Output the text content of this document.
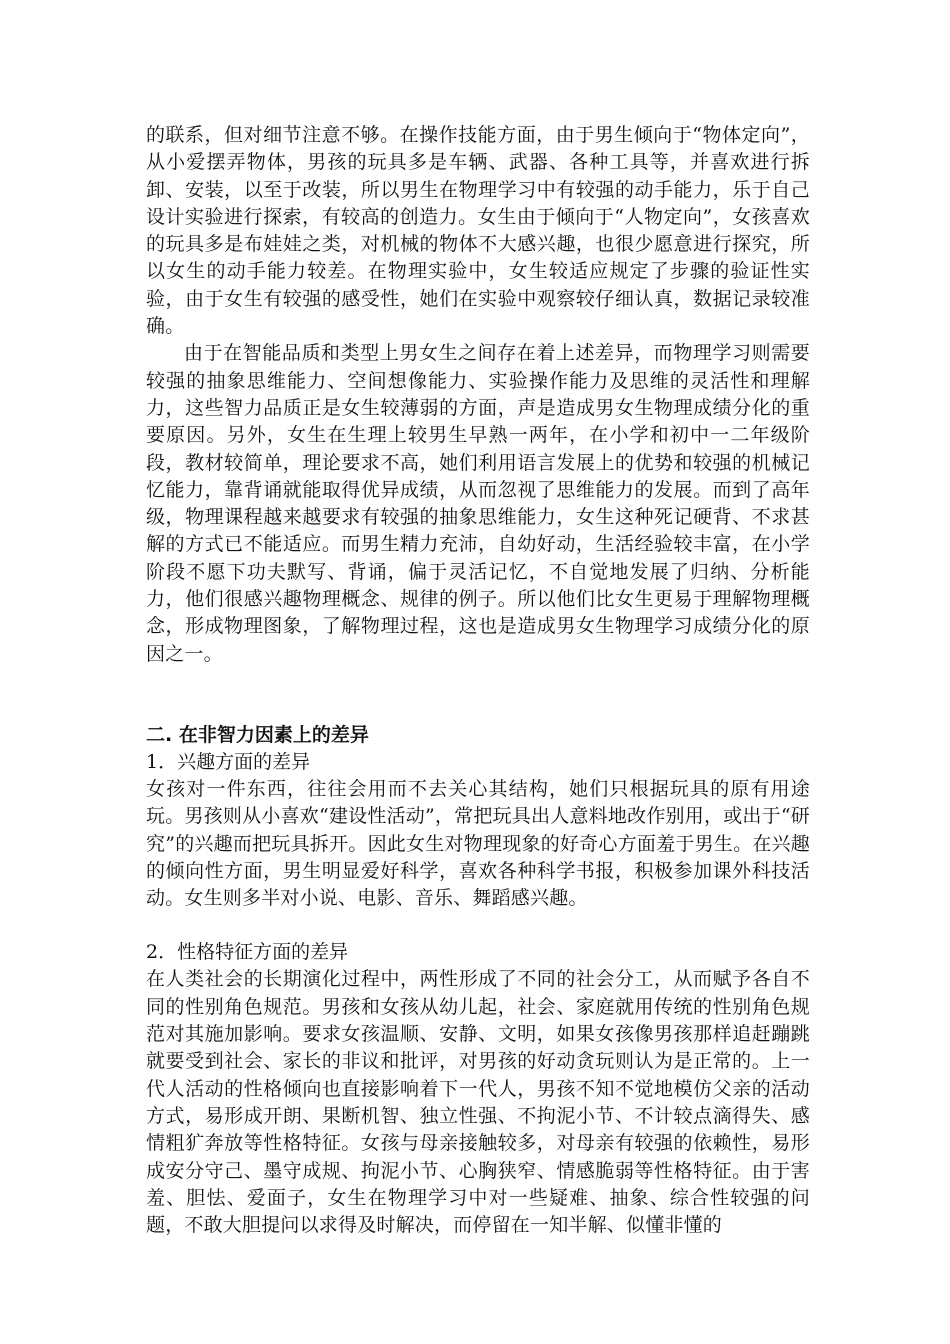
的联系，但对细节注意不够。在操作技能方面，由于男生倾向于“物体定向”，从小爱摆弄物体，男孩的玩具多是车辆、武器、各种工具等，并喜欢进行拆卸、安装，以至于改装，所以男生在物理学习中有较强的动手能力，乐于自己设计实验进行探索，有较高的创造力。女生由于倾向于“人物定向”，女孩喜欢的玩具多是布娃娃之类，对机械的物体不大感兴趣，也很少愿意进行探究，所以女生的动手能力较差。在物理实验中，女生较适应规定了步骤的验证性实验，由于女生有较强的感受性，她们在实验中观察较仔细认真，数据记录较准确。

由于在智能品质和类型上男女生之间存在着上述差异，而物理学习则需要较强的抽象思维能力、空间想像能力、实验操作能力及思维的灵活性和理解力，这些智力品质正是女生较薄弱的方面，声是造成男女生物理成绩分化的重要原因。另外，女生在生理上较男生早熟一两年，在小学和初中一二年级阶段，教材较简单，理论要求不高，她们利用语言发展上的优势和较强的机械记忆能力，靠背诵就能取得优异成绩，从而忽视了思维能力的发展。而到了高年级，物理课程越来越要求有较强的抽象思维能力，女生这种死记硬背、不求甚解的方式已不能适应。而男生精力充沛，自幼好动，生活经验较丰富，在小学阶段不愿下功夫默写、背诵，偏于灵活记忆，不自觉地发展了归纳、分析能力，他们很感兴趣物理概念、规律的例子。所以他们比女生更易于理解物理概念，形成物理图象，了解物理过程，这也是造成男女生物理学习成绩分化的原因之一。

二. 在非智力因素上的差异

1．兴趣方面的差异

女孩对一件东西，往往会用而不去关心其结构，她们只根据玩具的原有用途玩。男孩则从小喜欢“建设性活动”，常把玩具出人意料地改作别用，或出于“研究”的兴趣而把玩具拆开。因此女生对物理现象的好奇心方面羞于男生。在兴趣的倾向性方面，男生明显爱好科学，喜欢各种科学书报，积极参加课外科技活动。女生则多半对小说、电影、音乐、舞蹈感兴趣。

2．性格特征方面的差异

在人类社会的长期演化过程中，两性形成了不同的社会分工，从而赋予各自不同的性别角色规范。男孩和女孩从幼儿起，社会、家庭就用传统的性别角色规范对其施加影响。要求女孩温顺、安静、文明，如果女孩像男孩那样追赶蹦跳就要受到社会、家长的非议和批评，对男孩的好动贪玩则认为是正常的。上一代人活动的性格倾向也直接影响着下一代人，男孩不知不觉地模仿父亲的活动方式，易形成开朗、果断机智、独立性强、不拘泥小节、不计较点滴得失、感情粗犷奔放等性格特征。女孩与母亲接触较多，对母亲有较强的依赖性，易形成安分守己、墨守成规、拘泥小节、心胸狭窄、情感脆弱等性格特征。由于害羞、胆怯、爱面子，女生在物理学习中对一些疑难、抽象、综合性较强的问题，不敢大胆提问以求得及时解决，而停留在一知半解、似懂非懂的
